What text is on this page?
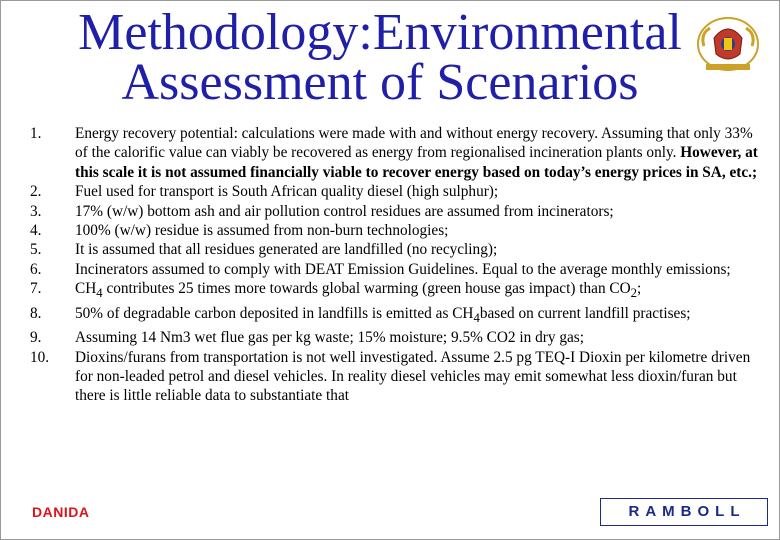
Methodology:Environmental
Assessment of Scenarios
1.	Energy recovery potential: calculations were made with and without energy recovery. Assuming that only 33% of the calorific value can viably be recovered as energy from regionalised incineration plants only. However, at this scale it is not assumed financially viable to recover energy based on today’s energy prices in SA, etc.;
2.	Fuel used for transport is South African quality diesel (high sulphur);
3.	17% (w/w) bottom ash and air pollution control residues are assumed from incinerators;
4.	100% (w/w) residue is assumed from non-burn technologies;
5.	It is assumed that all residues generated are landfilled (no recycling);
6.	Incinerators assumed to comply with DEAT Emission Guidelines. Equal to the average monthly emissions;
7.	$CH_4$ contributes 25 times more towards global warming (green house gas impact) than $CO_2$;
8.	50% of degradable carbon deposited in landfills is emitted as $CH_4based$ on current landfill practises;
9.	Assuming 14 Nm3 wet flue gas per kg waste; 15% moisture; 9.5% CO2 in dry gas;
10.	Dioxins/furans from transportation is not well investigated. Assume 2.5 pg TEQ-I Dioxin per kilometre driven for non-leaded petrol and diesel vehicles. In reality diesel vehicles may emit somewhat less dioxin/furan but there is little reliable data to substantiate that
DANIDA	RAMBOLL
